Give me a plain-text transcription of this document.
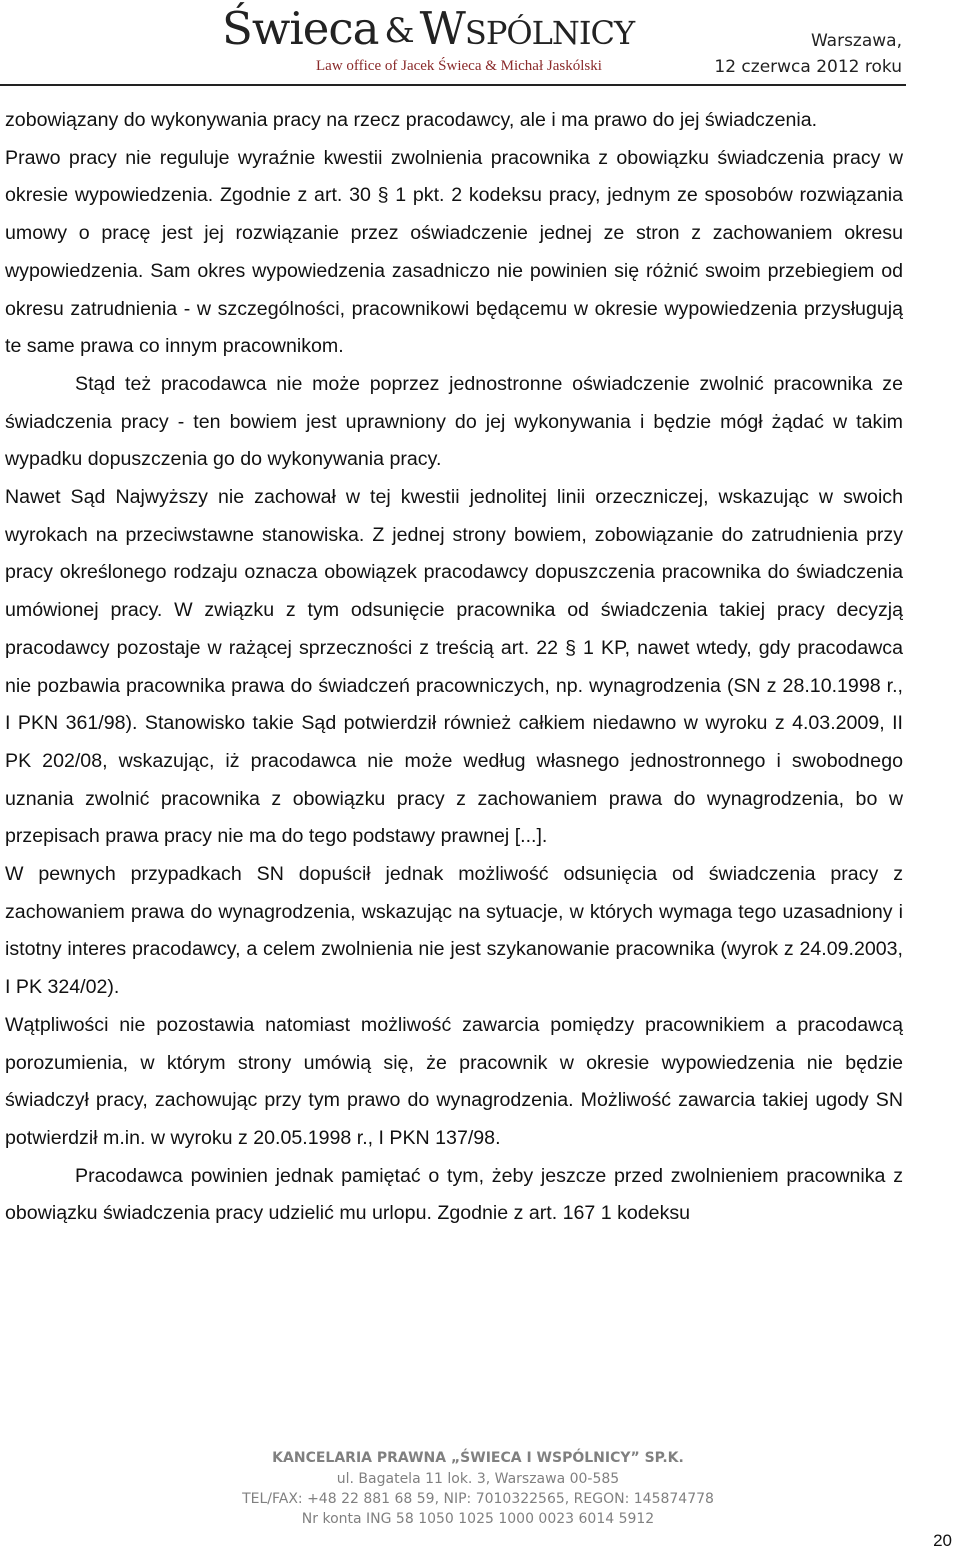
Świeca & Wspólnicy
Law office of Jacek Świeca & Michał Jaskólski
Warszawa,
12 czerwca 2012 roku

zobowiązany do wykonywania pracy na rzecz pracodawcy, ale i ma prawo do jej świadczenia.

Prawo pracy nie reguluje wyraźnie kwestii zwolnienia pracownika z obowiązku świadczenia pracy w okresie wypowiedzenia. Zgodnie z art. 30 § 1 pkt. 2 kodeksu pracy, jednym ze sposobów rozwiązania umowy o pracę jest jej rozwiązanie przez oświadczenie jednej ze stron z zachowaniem okresu wypowiedzenia. Sam okres wypowiedzenia zasadniczo nie powinien się różnić swoim przebiegiem od okresu zatrudnienia - w szczególności, pracownikowi będącemu w okresie wypowiedzenia przysługują te same prawa co innym pracownikom.

Stąd też pracodawca nie może poprzez jednostronne oświadczenie zwolnić pracownika ze świadczenia pracy - ten bowiem jest uprawniony do jej wykonywania i będzie mógł żądać w takim wypadku dopuszczenia go do wykonywania pracy.

Nawet Sąd Najwyższy nie zachował w tej kwestii jednolitej linii orzeczniczej, wskazując w swoich wyrokach na przeciwstawne stanowiska. Z jednej strony bowiem, zobowiązanie do zatrudnienia przy pracy określonego rodzaju oznacza obowiązek pracodawcy dopuszczenia pracownika do świadczenia umówionej pracy. W związku z tym odsunięcie pracownika od świadczenia takiej pracy decyzją pracodawcy pozostaje w rażącej sprzeczności z treścią art. 22 § 1 KP, nawet wtedy, gdy pracodawca nie pozbawia pracownika prawa do świadczeń pracowniczych, np. wynagrodzenia (SN z 28.10.1998 r., I PKN 361/98). Stanowisko takie Sąd potwierdził również całkiem niedawno w wyroku z 4.03.2009, II PK 202/08, wskazując, iż pracodawca nie może według własnego jednostronnego i swobodnego uznania zwolnić pracownika z obowiązku pracy z zachowaniem prawa do wynagrodzenia, bo w przepisach prawa pracy nie ma do tego podstawy prawnej [...].

W pewnych przypadkach SN dopuścił jednak możliwość odsunięcia od świadczenia pracy z zachowaniem prawa do wynagrodzenia, wskazując na sytuacje, w których wymaga tego uzasadniony i istotny interes pracodawcy, a celem zwolnienia nie jest szykanowanie pracownika (wyrok z 24.09.2003, I PK 324/02).

Wątpliwości nie pozostawia natomiast możliwość zawarcia pomiędzy pracownikiem a pracodawcą porozumienia, w którym strony umówią się, że pracownik w okresie wypowiedzenia nie będzie świadczył pracy, zachowując przy tym prawo do wynagrodzenia. Możliwość zawarcia takiej ugody SN potwierdził m.in. w wyroku z 20.05.1998 r., I PKN 137/98.

Pracodawca powinien jednak pamiętać o tym, żeby jeszcze przed zwolnieniem pracownika z obowiązku świadczenia pracy udzielić mu urlopu. Zgodnie z art. 167 1 kodeksu

KANCELARIA PRAWNA „ŚWIECA I WSPÓLNICY” SP.K.
ul. Bagatela 11 lok. 3, Warszawa 00-585
TEL/FAX: +48 22 881 68 59, NIP: 7010322565, REGON: 145874778
Nr konta ING 58 1050 1025 1000 0023 6014 5912
20
